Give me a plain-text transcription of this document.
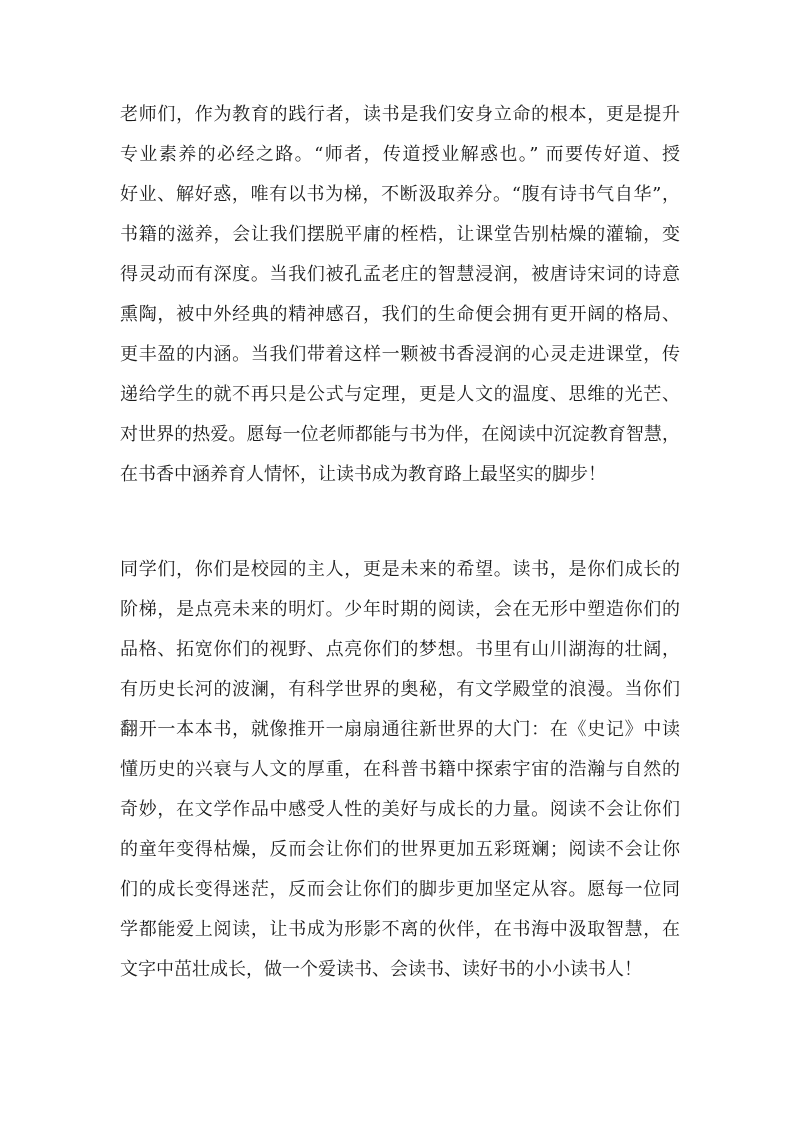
老师们，作为教育的践行者，读书是我们安身立命的根本，更是提升
专业素养的必经之路。“师者，传道授业解惑也。” 而要传好道、授
好业、解好惑，唯有以书为梯，不断汲取养分。“腹有诗书气自华”，
书籍的滋养，会让我们摆脱平庸的桎梏，让课堂告别枯燥的灌输，变
得灵动而有深度。当我们被孔孟老庄的智慧浸润，被唐诗宋词的诗意
熏陶，被中外经典的精神感召，我们的生命便会拥有更开阔的格局、
更丰盈的内涵。当我们带着这样一颗被书香浸润的心灵走进课堂，传
递给学生的就不再只是公式与定理，更是人文的温度、思维的光芒、
对世界的热爱。愿每一位老师都能与书为伴，在阅读中沉淀教育智慧，
在书香中涵养育人情怀，让读书成为教育路上最坚实的脚步！
同学们，你们是校园的主人，更是未来的希望。读书，是你们成长的
阶梯，是点亮未来的明灯。少年时期的阅读，会在无形中塑造你们的
品格、拓宽你们的视野、点亮你们的梦想。书里有山川湖海的壮阔，
有历史长河的波澜，有科学世界的奥秘，有文学殿堂的浪漫。当你们
翻开一本本书，就像推开一扇扇通往新世界的大门：在《史记》中读
懂历史的兴衰与人文的厚重，在科普书籍中探索宇宙的浩瀚与自然的
奇妙，在文学作品中感受人性的美好与成长的力量。阅读不会让你们
的童年变得枯燥，反而会让你们的世界更加五彩斑斓；阅读不会让你
们的成长变得迷茫，反而会让你们的脚步更加坚定从容。愿每一位同
学都能爱上阅读，让书成为形影不离的伙伴，在书海中汲取智慧，在
文字中茁壮成长，做一个爱读书、会读书、读好书的小小读书人！
